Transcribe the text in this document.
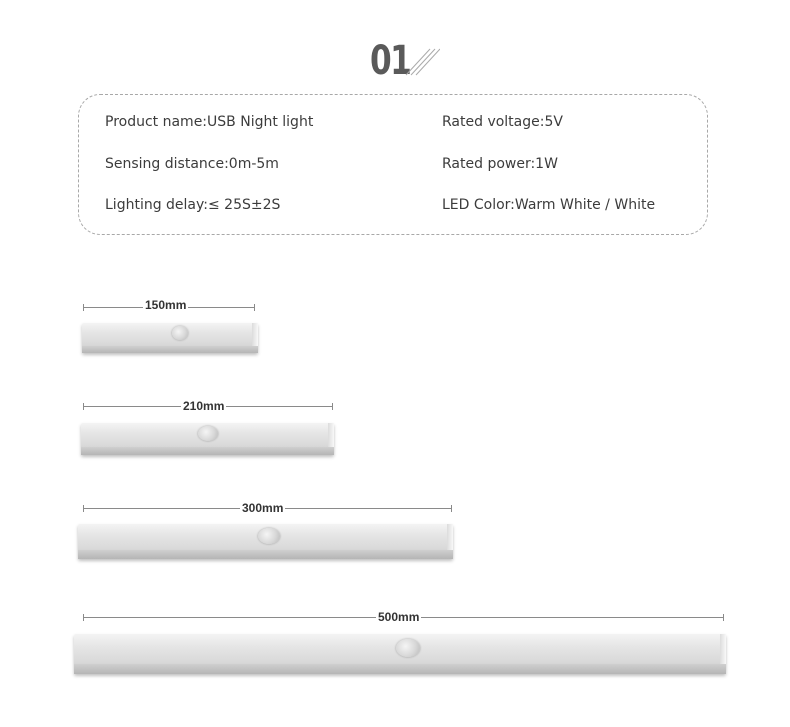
01
Product name:USB Night light	Rated voltage:5V
Sensing distance:0m-5m	Rated power:1W
Lighting delay:≤ 25S±2S	LED Color:Warm White / White
150mm
210mm
300mm
500mm
